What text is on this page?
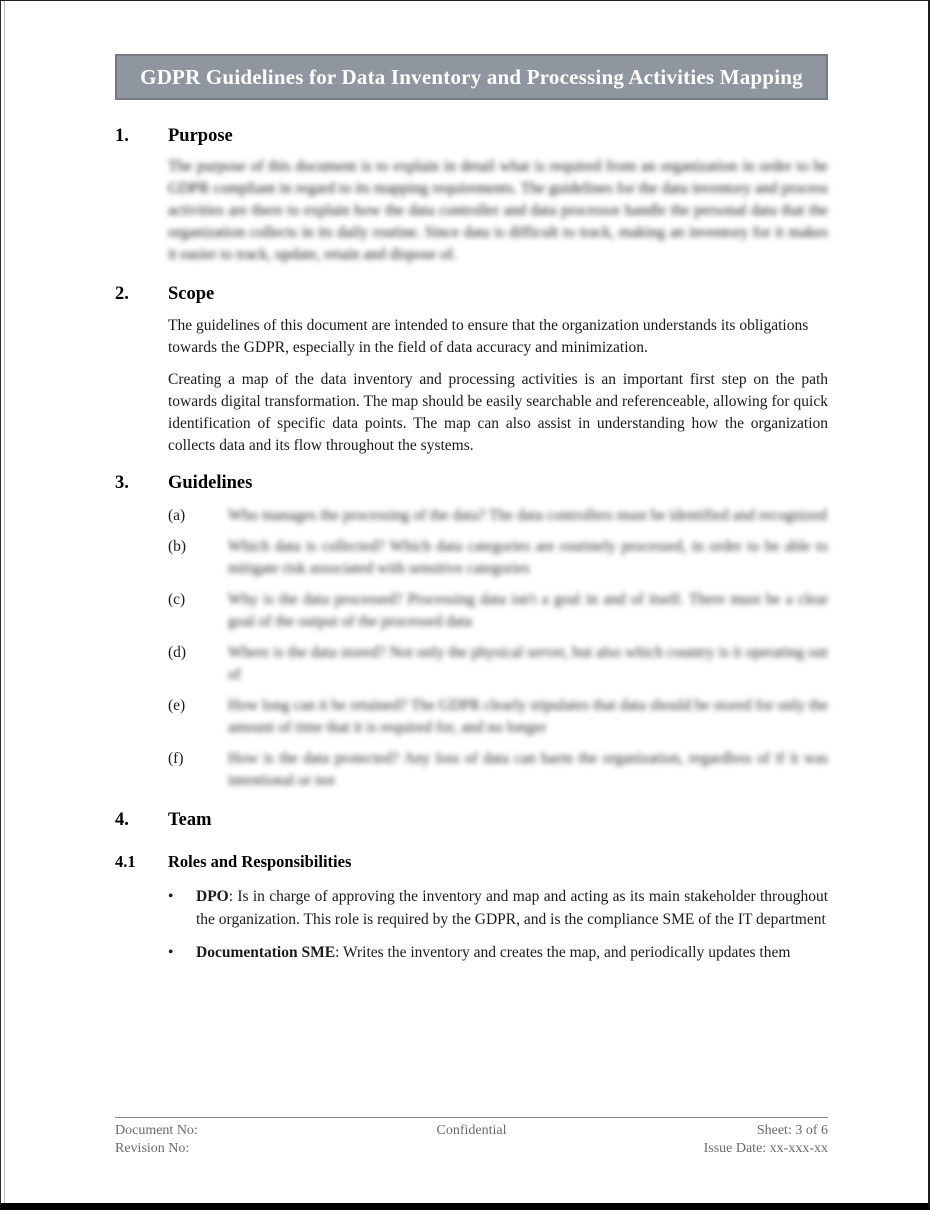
GDPR Guidelines for Data Inventory and Processing Activities Mapping
1.	Purpose

The purpose of this document is to explain in detail what is required from an organization in order to be GDPR compliant in regard to its mapping requirements. The guidelines for the data inventory and process activities are there to explain how the data controller and data processor handle the personal data that the organization collects in its daily routine. Since data is difficult to track, making an inventory for it makes it easier to track, update, retain and dispose of.

2.	Scope

The guidelines of this document are intended to ensure that the organization understands its obligations towards the GDPR, especially in the field of data accuracy and minimization.

Creating a map of the data inventory and processing activities is an important first step on the path towards digital transformation. The map should be easily searchable and referenceable, allowing for quick identification of specific data points. The map can also assist in understanding how the organization collects data and its flow throughout the systems.

3.	Guidelines
(a)	Who manages the processing of the data? The data controllers must be identified and recognized
(b)	Which data is collected? Which data categories are routinely processed, in order to be able to mitigate risk associated with sensitive categories
(c)	Why is the data processed? Processing data isn't a goal in and of itself. There must be a clear goal of the output of the processed data
(d)	Where is the data stored? Not only the physical server, but also which country is it operating out of
(e)	How long can it be retained? The GDPR clearly stipulates that data should be stored for only the amount of time that it is required for, and no longer
(f)	How is the data protected? Any loss of data can harm the organization, regardless of if it was intentional or not
4.	Team
4.1	Roles and Responsibilities
•	DPO: Is in charge of approving the inventory and map and acting as its main stakeholder throughout the organization. This role is required by the GDPR, and is the compliance SME of the IT department
•	Documentation SME: Writes the inventory and creates the map, and periodically updates them
Document No:
Revision No:
Confidential	Sheet: 3 of 6
Issue Date: xx-xxx-xx
